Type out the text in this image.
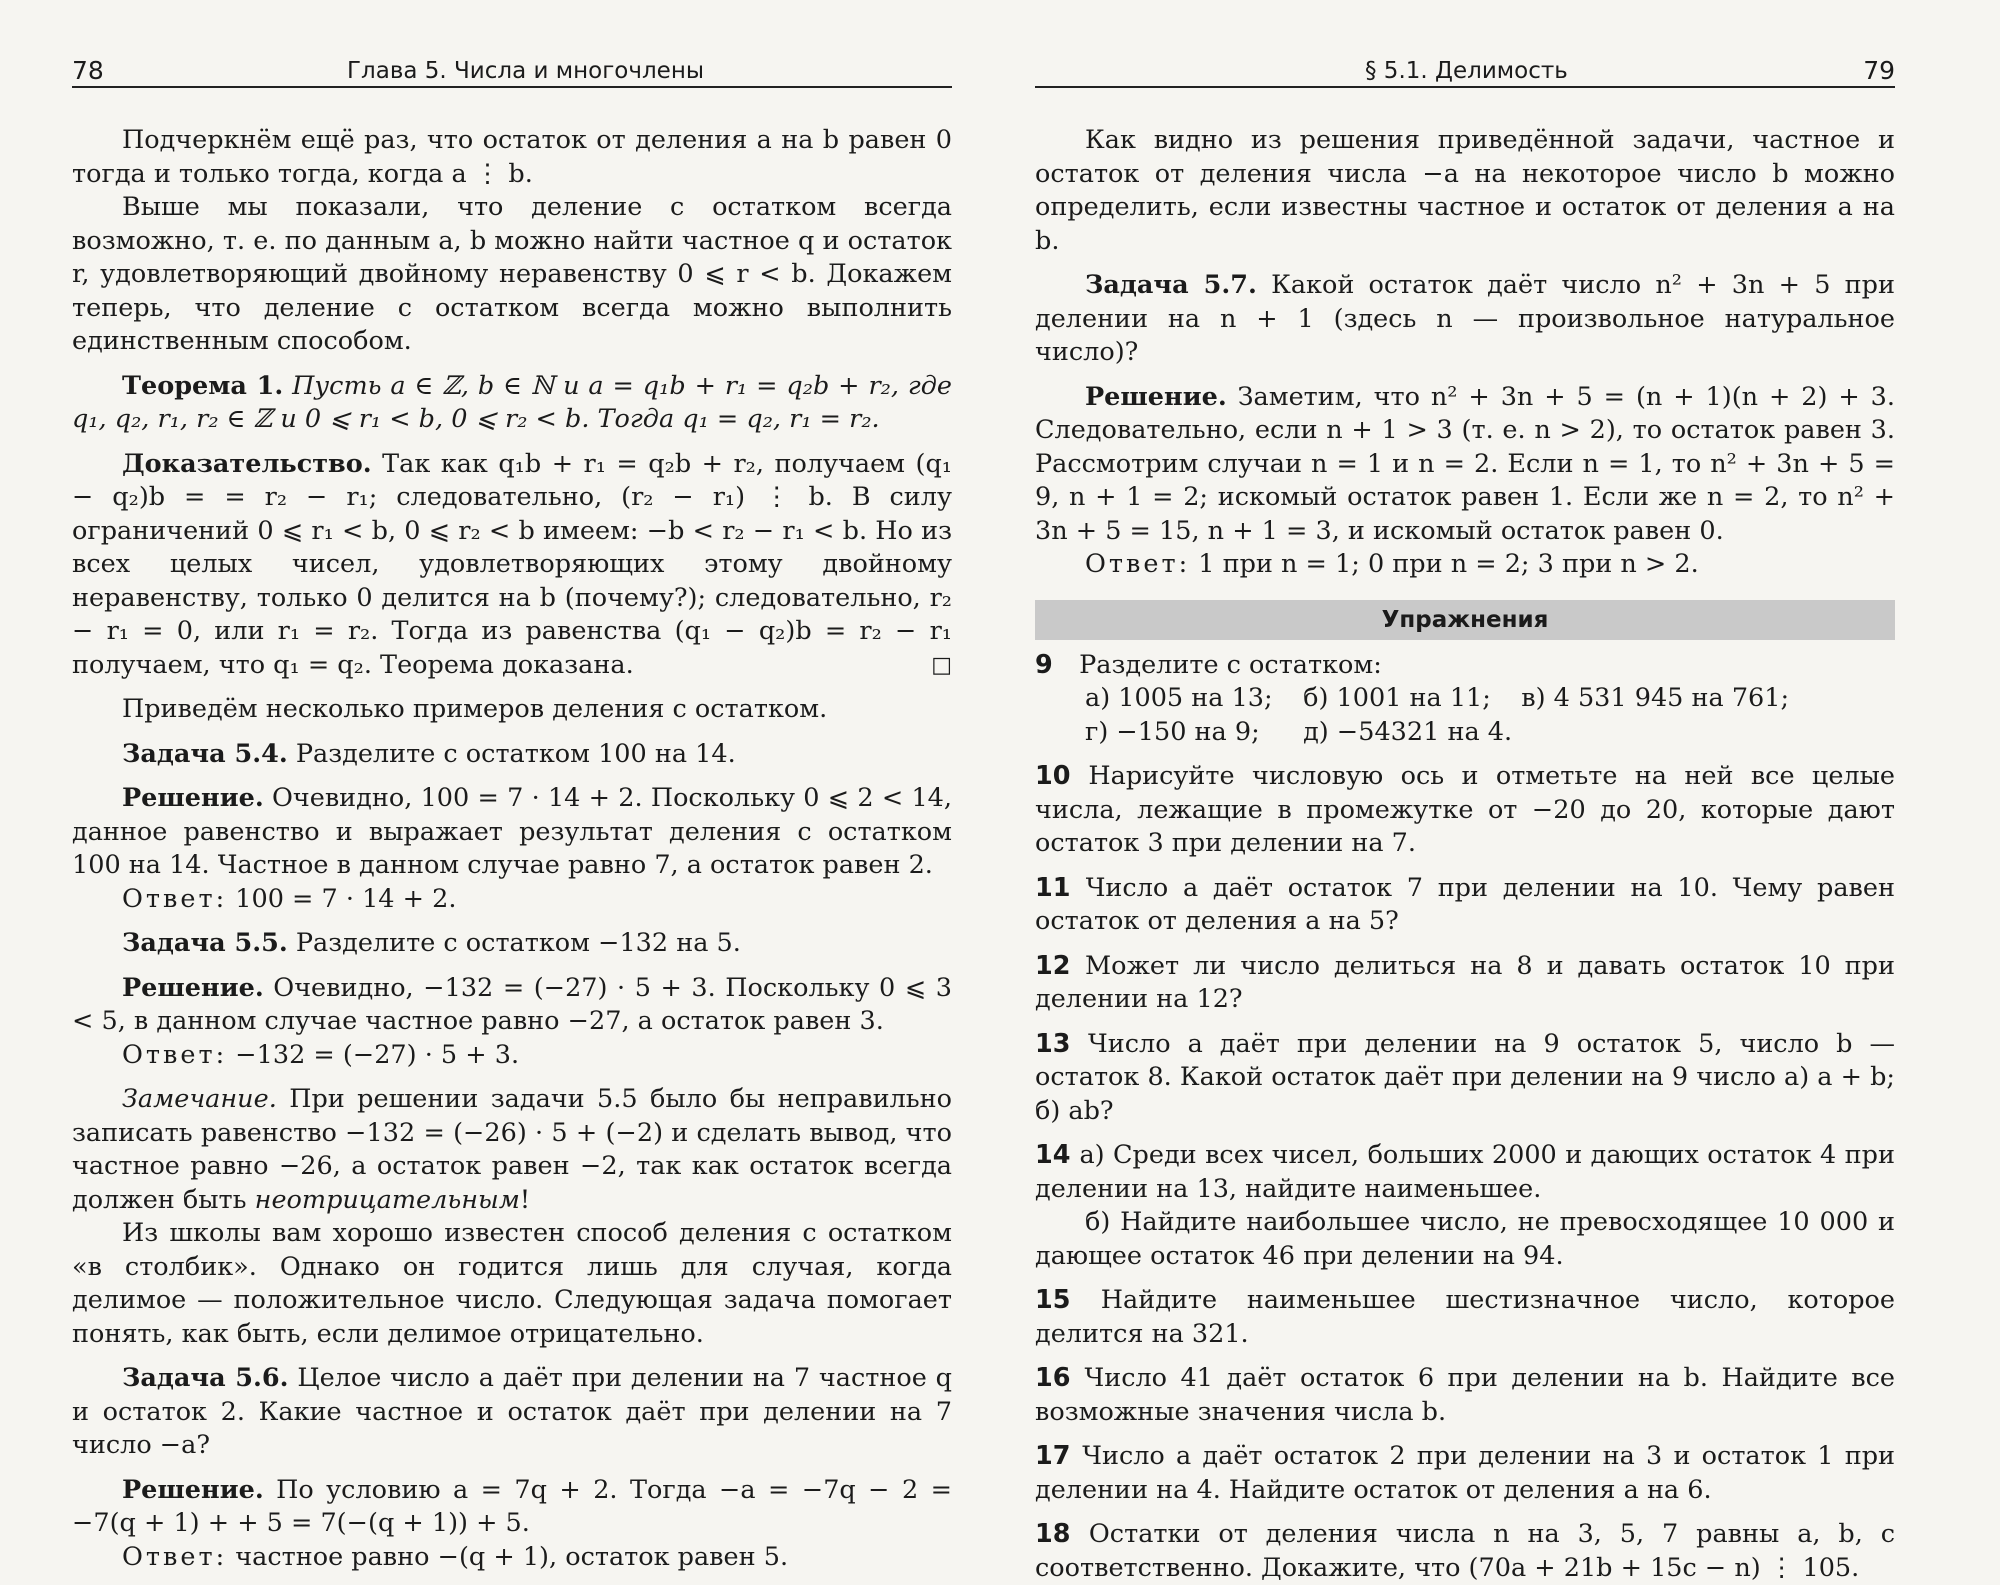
78	Глава 5. Числа и многочлены

Подчеркнём ещё раз, что остаток от деления a на b равен 0 тогда и только тогда, когда a ⋮ b.

Выше мы показали, что деление с остатком всегда возможно, т. е. по данным a, b можно найти частное q и остаток r, удовлетворяющий двойному неравенству 0 ⩽ r < b. Докажем теперь, что деление с остатком всегда можно выполнить единственным способом.

Теорема 1. Пусть a ∈ ℤ, b ∈ ℕ и a = q₁b + r₁ = q₂b + r₂, где q₁, q₂, r₁, r₂ ∈ ℤ и 0 ⩽ r₁ < b, 0 ⩽ r₂ < b. Тогда q₁ = q₂, r₁ = r₂.

Доказательство. Так как q₁b + r₁ = q₂b + r₂, получаем (q₁ − q₂)b = = r₂ − r₁; следовательно, (r₂ − r₁) ⋮ b. В силу ограничений 0 ⩽ r₁ < b, 0 ⩽ r₂ < b имеем: −b < r₂ − r₁ < b. Но из всех целых чисел, удовлетворяющих этому двойному неравенству, только 0 делится на b (почему?); следовательно, r₂ − r₁ = 0, или r₁ = r₂. Тогда из равенства (q₁ − q₂)b = r₂ − r₁ получаем, что q₁ = q₂. Теорема доказана.	□

Приведём несколько примеров деления с остатком.

Задача 5.4. Разделите с остатком 100 на 14.

Решение. Очевидно, 100 = 7 · 14 + 2. Поскольку 0 ⩽ 2 < 14, данное равенство и выражает результат деления с остатком 100 на 14. Частное в данном случае равно 7, а остаток равен 2.

Ответ: 100 = 7 · 14 + 2.

Задача 5.5. Разделите с остатком −132 на 5.

Решение. Очевидно, −132 = (−27) · 5 + 3. Поскольку 0 ⩽ 3 < 5, в данном случае частное равно −27, а остаток равен 3.

Ответ: −132 = (−27) · 5 + 3.

Замечание. При решении задачи 5.5 было бы неправильно записать равенство −132 = (−26) · 5 + (−2) и сделать вывод, что частное равно −26, а остаток равен −2, так как остаток всегда должен быть неотрицательным!

Из школы вам хорошо известен способ деления с остатком «в столбик». Однако он годится лишь для случая, когда делимое — положительное число. Следующая задача помогает понять, как быть, если делимое отрицательно.

Задача 5.6. Целое число a даёт при делении на 7 частное q и остаток 2. Какие частное и остаток даёт при делении на 7 число −a?

Решение. По условию a = 7q + 2. Тогда −a = −7q − 2 = −7(q + 1) + + 5 = 7(−(q + 1)) + 5.

Ответ: частное равно −(q + 1), остаток равен 5.

§ 5.1. Делимость	79

Как видно из решения приведённой задачи, частное и остаток от деления числа −a на некоторое число b можно определить, если известны частное и остаток от деления a на b.

Задача 5.7. Какой остаток даёт число n² + 3n + 5 при делении на n + 1 (здесь n — произвольное натуральное число)?

Решение. Заметим, что n² + 3n + 5 = (n + 1)(n + 2) + 3. Следовательно, если n + 1 > 3 (т. е. n > 2), то остаток равен 3. Рассмотрим случаи n = 1 и n = 2. Если n = 1, то n² + 3n + 5 = 9, n + 1 = 2; искомый остаток равен 1. Если же n = 2, то n² + 3n + 5 = 15, n + 1 = 3, и искомый остаток равен 0.

Ответ: 1 при n = 1; 0 при n = 2; 3 при n > 2.

Упражнения

9 Разделите с остатком:

а) 1005 на 13; б) 1001 на 11; в) 4 531 945 на 761;

г) −150 на 9; д) −54321 на 4.

10 Нарисуйте числовую ось и отметьте на ней все целые числа, лежащие в промежутке от −20 до 20, которые дают остаток 3 при делении на 7.

11 Число a даёт остаток 7 при делении на 10. Чему равен остаток от деления a на 5?

12 Может ли число делиться на 8 и давать остаток 10 при делении на 12?

13 Число a даёт при делении на 9 остаток 5, число b — остаток 8. Какой остаток даёт при делении на 9 число а) a + b; б) ab?

14 а) Среди всех чисел, больших 2000 и дающих остаток 4 при делении на 13, найдите наименьшее.

б) Найдите наибольшее число, не превосходящее 10 000 и дающее остаток 46 при делении на 94.

15 Найдите наименьшее шестизначное число, которое делится на 321.

16 Число 41 даёт остаток 6 при делении на b. Найдите все возможные значения числа b.

17 Число a даёт остаток 2 при делении на 3 и остаток 1 при делении на 4. Найдите остаток от деления a на 6.

18 Остатки от деления числа n на 3, 5, 7 равны a, b, c соответственно. Докажите, что (70a + 21b + 15c − n) ⋮ 105.
